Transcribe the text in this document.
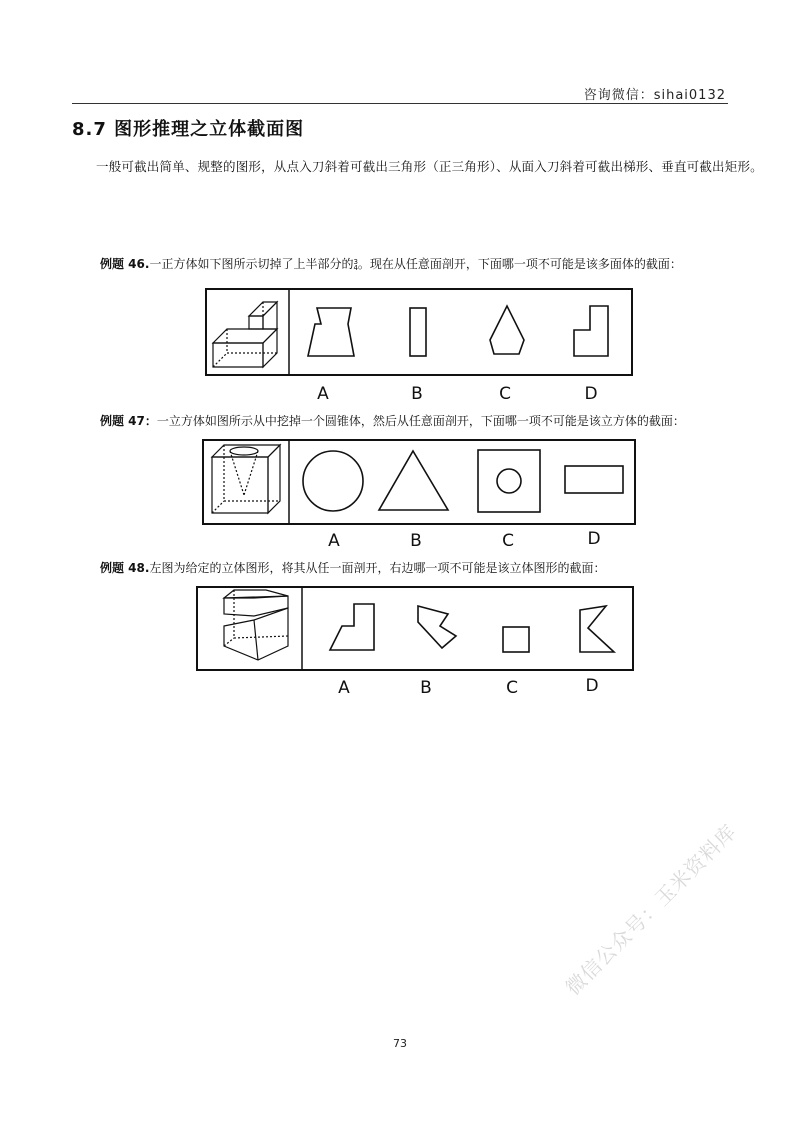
咨询微信：sihai0132
8.7 图形推理之立体截面图
一般可截出简单、规整的图形，从点入刀斜着可截出三角形（正三角形）、从面入刀斜着可截出梯形、垂直可截出矩形。
例题 46.一正方体如下图所示切掉了上半部分的 3
4 。现在从任意面剖开，下面哪一项不可能是该多面体的截面：
A	B	C	D
例题 47：一立方体如图所示从中挖掉一个圆锥体，然后从任意面剖开，下面哪一项不可能是该立方体的截面：
A	B	C	D
例题 48.左图为给定的立体图形，将其从任一面剖开，右边哪一项不可能是该立体图形的截面：
A	B	C	D
73
微信公众号：玉米资料库
